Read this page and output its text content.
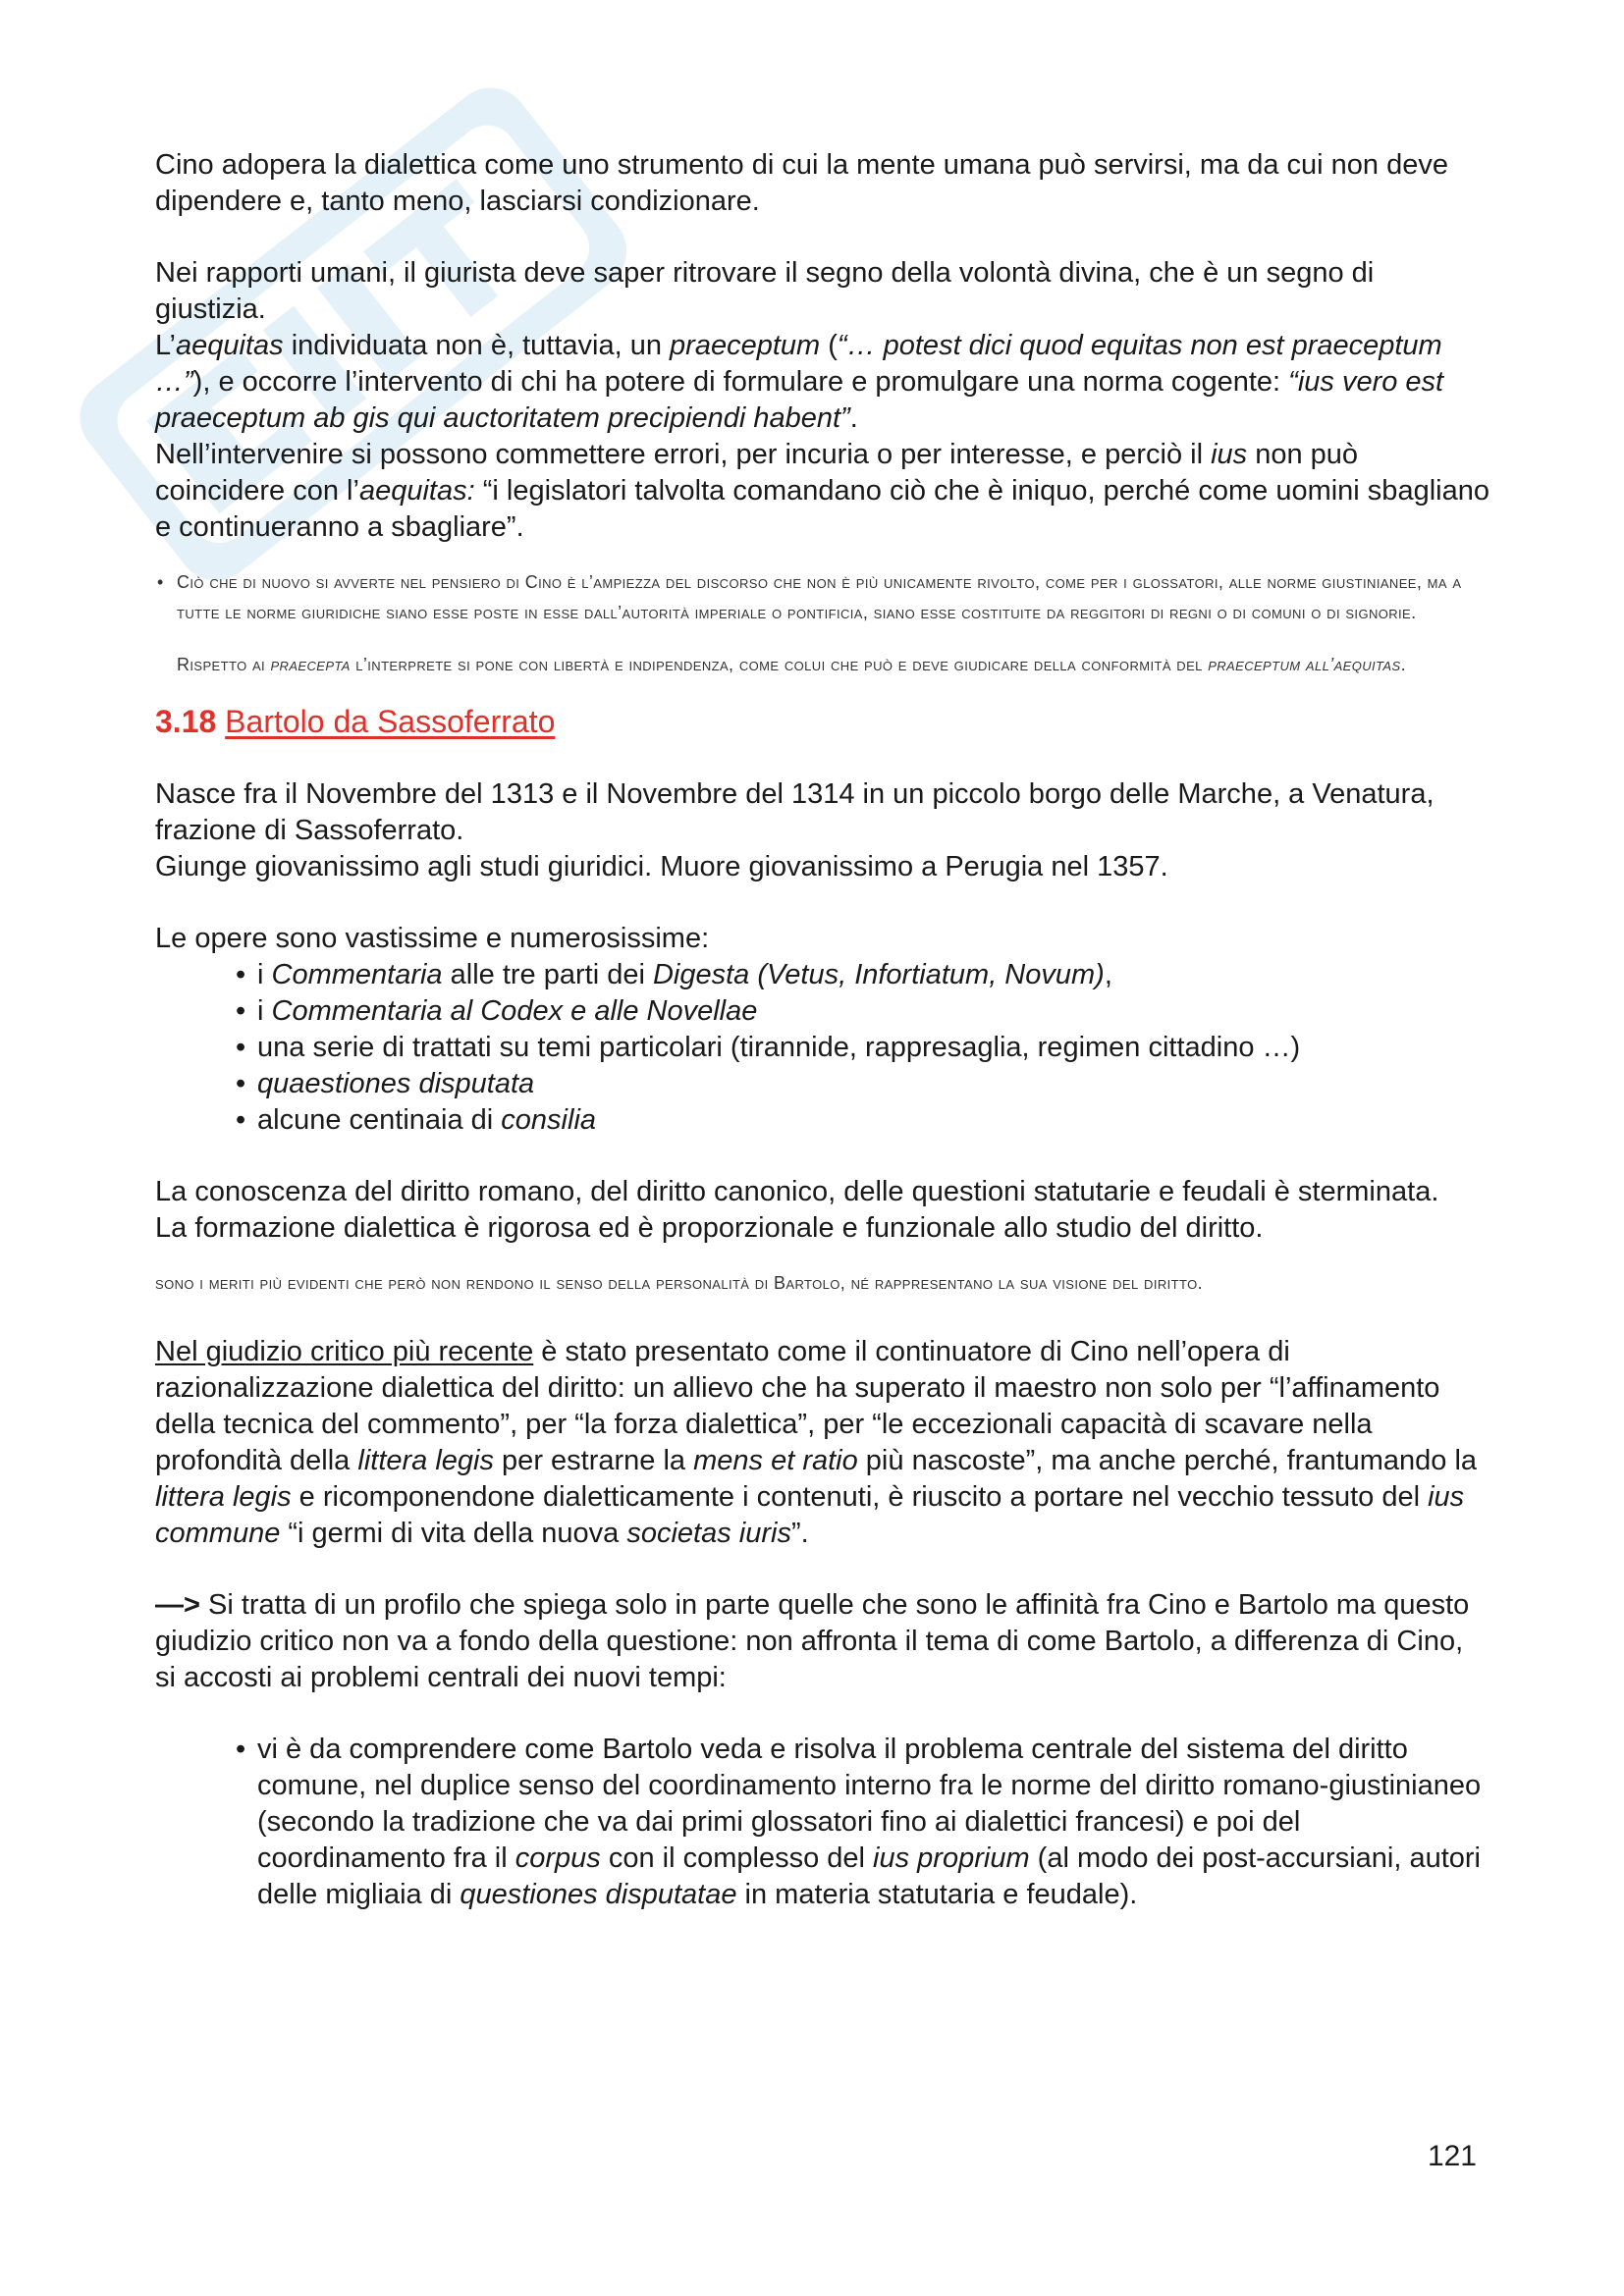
Cino adopera la dialettica come uno strumento di cui la mente umana può servirsi, ma da cui non deve dipendere e, tanto meno, lasciarsi condizionare.

Nei rapporti umani, il giurista deve saper ritrovare il segno della volontà divina, che è un segno di giustizia.

L’aequitas individuata non è, tuttavia, un praeceptum (“… potest dici quod equitas non est praeceptum …”), e occorre l’intervento di chi ha potere di formulare e promulgare una norma cogente: “ius vero est praeceptum ab gis qui auctoritatem precipiendi habent”.

Nell’intervenire si possono commettere errori, per incuria o per interesse, e perciò il ius non può coincidere con l’aequitas: “i legislatori talvolta comandano ciò che è iniquo, perché come uomini sbagliano e continueranno a sbagliare”.

• Ciò che di nuovo si avverte nel pensiero di Cino è l’ampiezza del discorso che non è più unicamente rivolto, come per i glossatori, alle norme giustinianee, ma a tutte le norme giuridiche siano esse poste in esse dall’autorità imperiale o pontificia, siano esse costituite da reggitori di regni o di comuni o di signorie.
Rispetto ai praecepta l’interprete si pone con libertà e indipendenza, come colui che può e deve giudicare della conformità del praeceptum all’aequitas.
3.18 Bartolo da Sassoferrato

Nasce fra il Novembre del 1313 e il Novembre del 1314 in un piccolo borgo delle Marche, a Venatura, frazione di Sassoferrato.

Giunge giovanissimo agli studi giuridici. Muore giovanissimo a Perugia nel 1357.

Le opere sono vastissime e numerosissime:

• i Commentaria alle tre parti dei Digesta (Vetus, Infortiatum, Novum),
• i Commentaria al Codex e alle Novellae
• una serie di trattati su temi particolari (tirannide, rappresaglia, regimen cittadino …)
• quaestiones disputata
• alcune centinaia di consilia

La conoscenza del diritto romano, del diritto canonico, delle questioni statutarie e feudali è sterminata.

La formazione dialettica è rigorosa ed è proporzionale e funzionale allo studio del diritto.

sono i meriti più evidenti che però non rendono il senso della personalità di Bartolo, né rappresentano la sua visione del diritto.

Nel giudizio critico più recente è stato presentato come il continuatore di Cino nell’opera di razionalizzazione dialettica del diritto: un allievo che ha superato il maestro non solo per “l’affinamento della tecnica del commento”, per “la forza dialettica”, per “le eccezionali capacità di scavare nella profondità della littera legis per estrarne la mens et ratio più nascoste”, ma anche perché, frantumando la littera legis e ricomponendone dialetticamente i contenuti, è riuscito a portare nel vecchio tessuto del ius commune “i germi di vita della nuova societas iuris”.

—> Si tratta di un profilo che spiega solo in parte quelle che sono le affinità fra Cino e Bartolo ma questo giudizio critico non va a fondo della questione: non affronta il tema di come Bartolo, a differenza di Cino, si accosti ai problemi centrali dei nuovi tempi:

• vi è da comprendere come Bartolo veda e risolva il problema centrale del sistema del diritto comune, nel duplice senso del coordinamento interno fra le norme del diritto romano-giustinianeo (secondo la tradizione che va dai primi glossatori fino ai dialettici francesi) e poi del coordinamento fra il corpus con il complesso del ius proprium (al modo dei post-accursiani, autori delle migliaia di questiones disputatae in materia statutaria e feudale).
121
